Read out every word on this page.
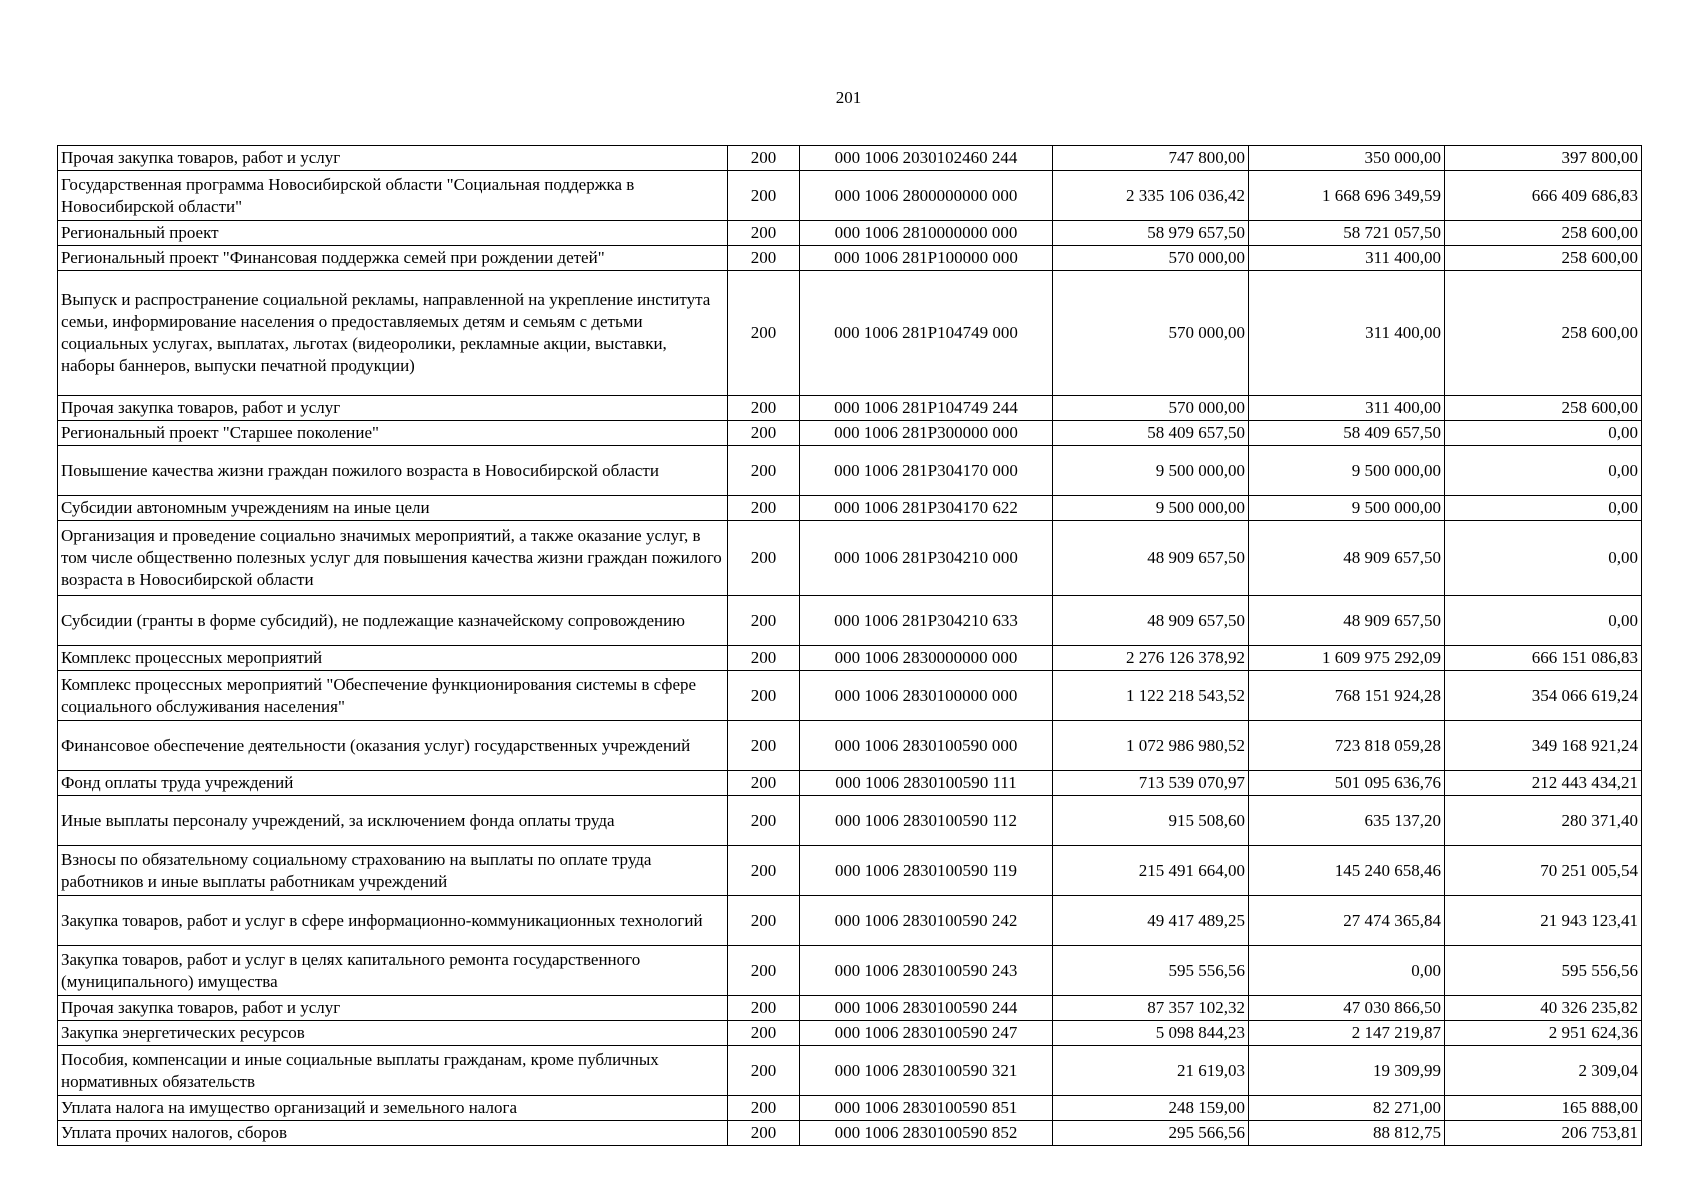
201
Прочая закупка товаров, работ и услуг	200	000 1006 2030102460 244	747 800,00	350 000,00	397 800,00
Государственная программа Новосибирской области "Социальная поддержка в Новосибирской области"	200	000 1006 2800000000 000	2 335 106 036,42	1 668 696 349,59	666 409 686,83
Региональный проект	200	000 1006 2810000000 000	58 979 657,50	58 721 057,50	258 600,00
Региональный проект "Финансовая поддержка семей при рождении детей"	200	000 1006 281P100000 000	570 000,00	311 400,00	258 600,00
Выпуск и распространение социальной рекламы, направленной на укрепление института семьи, информирование населения о предоставляемых детям и семьям с детьми социальных услугах, выплатах, льготах (видеоролики, рекламные акции, выставки, наборы баннеров, выпуски печатной продукции)	200	000 1006 281P104749 000	570 000,00	311 400,00	258 600,00
Прочая закупка товаров, работ и услуг	200	000 1006 281P104749 244	570 000,00	311 400,00	258 600,00
Региональный проект "Старшее поколение"	200	000 1006 281P300000 000	58 409 657,50	58 409 657,50	0,00
Повышение качества жизни граждан пожилого возраста в Новосибирской области	200	000 1006 281P304170 000	9 500 000,00	9 500 000,00	0,00
Субсидии автономным учреждениям на иные цели	200	000 1006 281P304170 622	9 500 000,00	9 500 000,00	0,00
Организация и проведение социально значимых мероприятий, а также оказание услуг, в том числе общественно полезных услуг для повышения качества жизни граждан пожилого возраста в Новосибирской области	200	000 1006 281P304210 000	48 909 657,50	48 909 657,50	0,00
Субсидии (гранты в форме субсидий), не подлежащие казначейскому сопровождению	200	000 1006 281P304210 633	48 909 657,50	48 909 657,50	0,00
Комплекс процессных мероприятий	200	000 1006 2830000000 000	2 276 126 378,92	1 609 975 292,09	666 151 086,83
Комплекс процессных мероприятий "Обеспечение функционирования системы в сфере социального обслуживания населения"	200	000 1006 2830100000 000	1 122 218 543,52	768 151 924,28	354 066 619,24
Финансовое обеспечение деятельности (оказания услуг) государственных учреждений	200	000 1006 2830100590 000	1 072 986 980,52	723 818 059,28	349 168 921,24
Фонд оплаты труда учреждений	200	000 1006 2830100590 111	713 539 070,97	501 095 636,76	212 443 434,21
Иные выплаты персоналу учреждений, за исключением фонда оплаты труда	200	000 1006 2830100590 112	915 508,60	635 137,20	280 371,40
Взносы по обязательному социальному страхованию на выплаты по оплате труда работников и иные выплаты работникам учреждений	200	000 1006 2830100590 119	215 491 664,00	145 240 658,46	70 251 005,54
Закупка товаров, работ и услуг в сфере информационно-коммуникационных технологий	200	000 1006 2830100590 242	49 417 489,25	27 474 365,84	21 943 123,41
Закупка товаров, работ и услуг в целях капитального ремонта государственного (муниципального) имущества	200	000 1006 2830100590 243	595 556,56	0,00	595 556,56
Прочая закупка товаров, работ и услуг	200	000 1006 2830100590 244	87 357 102,32	47 030 866,50	40 326 235,82
Закупка энергетических ресурсов	200	000 1006 2830100590 247	5 098 844,23	2 147 219,87	2 951 624,36
Пособия, компенсации и иные социальные выплаты гражданам, кроме публичных нормативных обязательств	200	000 1006 2830100590 321	21 619,03	19 309,99	2 309,04
Уплата налога на имущество организаций и земельного налога	200	000 1006 2830100590 851	248 159,00	82 271,00	165 888,00
Уплата прочих налогов, сборов	200	000 1006 2830100590 852	295 566,56	88 812,75	206 753,81
